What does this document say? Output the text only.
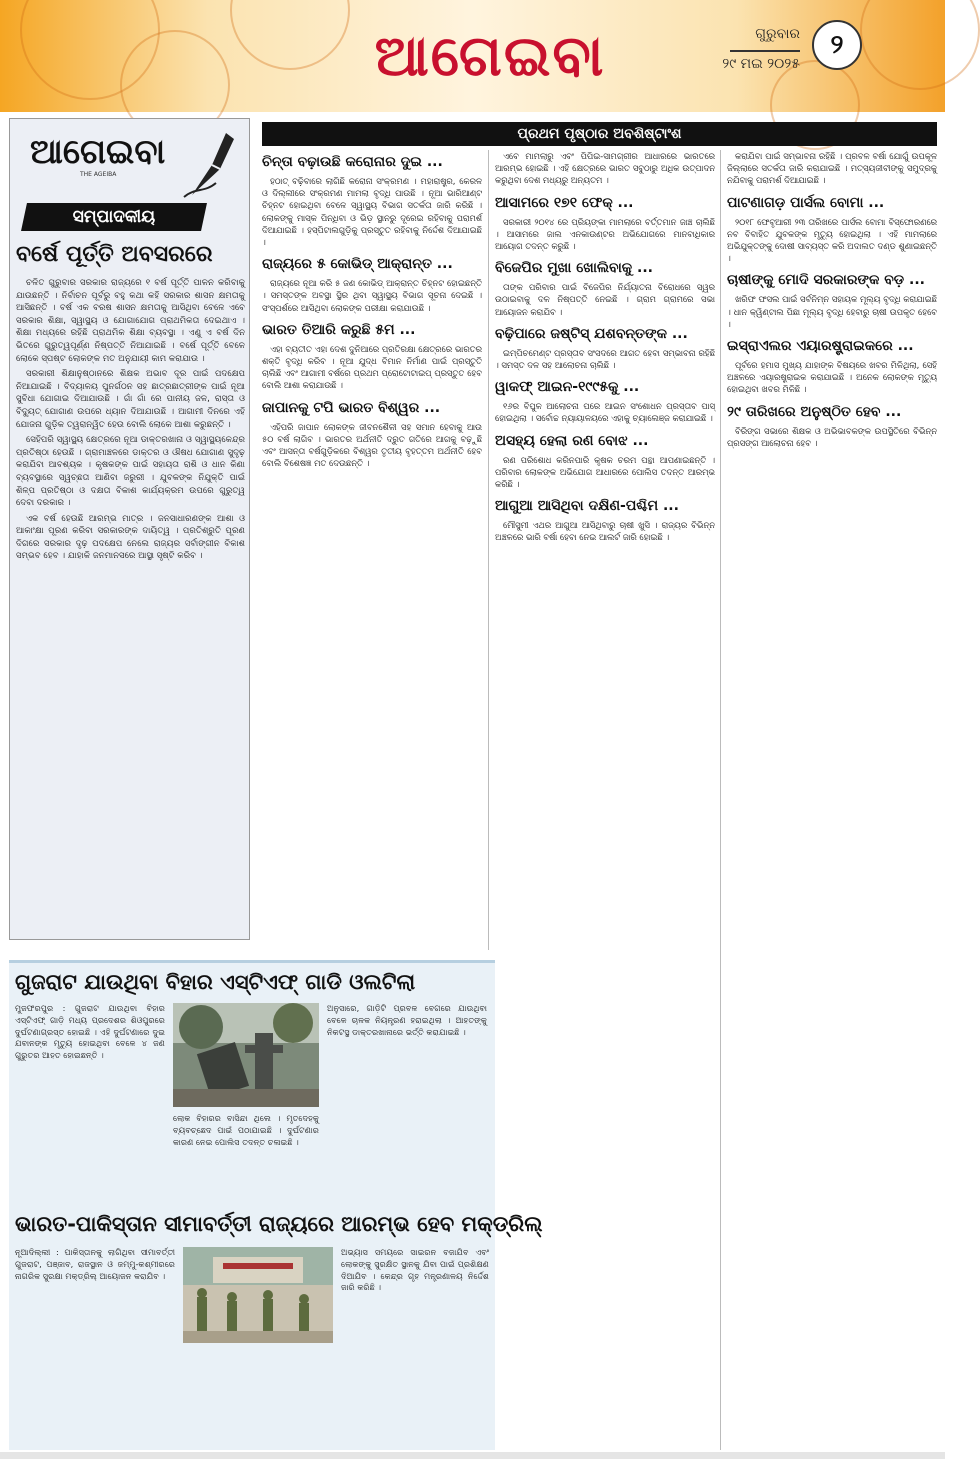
ଆଗେଇବା	ଗୁରୁବାର
୨୯ ମଇ ୨୦୨୫
୨
ଆଗେଇବା
THE AGEIBA
ସମ୍ପାଦକୀୟ
ବର୍ଷେ ପୂର୍ତ୍ତି ଅବସରରେ

ଚଳିତ ଗୁରୁବାର ସରକାର ରାଜ୍ୟରେ ୧ ବର୍ଷ ପୂର୍ତ୍ତି ପାଳନ କରିବାକୁ ଯାଉଛନ୍ତି । ନିର୍ବାଚନ ପୂର୍ବରୁ ବହୁ କଥା କହି ସରକାର ଶାସନ କ୍ଷମତାକୁ ଆସିଛନ୍ତି । ବର୍ଷ ଏକ ବରଷ ଶାସନ କ୍ଷମତାକୁ ଆସିଥିବା ବେଳେ ଏବେ ସରକାର ଶିକ୍ଷା, ସ୍ୱାସ୍ଥ୍ୟ ଓ ଯୋଗାଯୋଗ ପ୍ରାଥମିକତା ଦେଇଥାଏ । ଶିକ୍ଷା ମଧ୍ୟରେ ରହିଛି ପ୍ରାଥମିକ ଶିକ୍ଷା ବ୍ୟବସ୍ଥା । ଏଣୁ ଏ ବର୍ଷ ଦିନ ଭିତରେ ଗୁରୁତ୍ୱପୂର୍ଣ୍ଣ ନିଷ୍ପତ୍ତି ନିଆଯାଇଛି । ବର୍ଷେ ପୂର୍ତ୍ତି ବେଳେ ଲୋକେ ସ୍ପଷ୍ଟ ଲୋକଙ୍କ ମତ ଅନୁଯାୟୀ କାମ କରାଯାଉ ।

ସରକାରୀ ଶିକ୍ଷାନୁଷ୍ଠାନରେ ଶିକ୍ଷକ ଅଭାବ ଦୂର ପାଇଁ ପଦକ୍ଷେପ ନିଆଯାଇଛି । ବିଦ୍ୟାଳୟ ପୁନର୍ଗଠନ ସହ ଛାତ୍ରଛାତ୍ରୀଙ୍କ ପାଇଁ ନୂଆ ସୁବିଧା ଯୋଗାଇ ଦିଆଯାଉଛି । ଗାଁ ଗାଁ ରେ ପାନୀୟ ଜଳ, ରାସ୍ତା ଓ ବିଦ୍ୟୁତ୍ ଯୋଗାଣ ଉପରେ ଧ୍ୟାନ ଦିଆଯାଉଛି । ଆଗାମୀ ଦିନରେ ଏହି ଯୋଜନା ଗୁଡ଼ିକ ତ୍ୱରାନ୍ୱିତ ହେଉ ବୋଲି ଲୋକେ ଆଶା କରୁଛନ୍ତି ।

ସେହିପରି ସ୍ୱାସ୍ଥ୍ୟ କ୍ଷେତ୍ରରେ ନୂଆ ଡାକ୍ତରଖାନା ଓ ସ୍ୱାସ୍ଥ୍ୟକେନ୍ଦ୍ର ପ୍ରତିଷ୍ଠା ହେଉଛି । ଗ୍ରାମାଞ୍ଚଳରେ ଡାକ୍ତର ଓ ଔଷଧ ଯୋଗାଣ ସୁଦୃଢ଼ କରାଯିବା ଆବଶ୍ୟକ । କୃଷକଙ୍କ ପାଇଁ ସହାୟତା ରାଶି ଓ ଧାନ କିଣା ବ୍ୟବସ୍ଥାରେ ସ୍ୱଚ୍ଛତା ଆଣିବା ଜରୁରୀ । ଯୁବକଙ୍କ ନିଯୁକ୍ତି ପାଇଁ ଶିଳ୍ପ ପ୍ରତିଷ୍ଠା ଓ ଦକ୍ଷତା ବିକାଶ କାର୍ଯ୍ୟକ୍ରମ ଉପରେ ଗୁରୁତ୍ୱ ଦେବା ଦରକାର ।

ଏକ ବର୍ଷ ହେଉଛି ଆରମ୍ଭ ମାତ୍ର । ଜନସାଧାରଣଙ୍କ ଆଶା ଓ ଆକାଂକ୍ଷା ପୂରଣ କରିବା ସରକାରଙ୍କ ଦାୟିତ୍ୱ । ପ୍ରତିଶ୍ରୁତି ପୂରଣ ଦିଗରେ ସରକାର ଦୃଢ଼ ପଦକ୍ଷେପ ନେଲେ ରାଜ୍ୟର ସର୍ବାଙ୍ଗୀନ ବିକାଶ ସମ୍ଭବ ହେବ । ଯାହାକି ଜନମାନସରେ ଆସ୍ଥା ସୃଷ୍ଟି କରିବ ।

ପ୍ରଥମ ପୃଷ୍ଠାର ଅବଶିଷ୍ଟାଂଶ
ଚିନ୍ତା ବଢ଼ାଉଛି କରୋନାର ଦୁଇ ...

ହଠାତ୍ ବଢ଼ିବାରେ ଲାଗିଛି କରୋନା ସଂକ୍ରମଣ । ମହାରାଷ୍ଟ୍ର, କେରଳ ଓ ଦିଲ୍ଲୀରେ ସଂକ୍ରମଣ ମାମଲା ବୃଦ୍ଧି ପାଉଛି । ନୂଆ ଭାରିଆଣ୍ଟ ଚିହ୍ନଟ ହୋଇଥିବା ବେଳେ ସ୍ୱାସ୍ଥ୍ୟ ବିଭାଗ ସତର୍କତା ଜାରି କରିଛି । ଲୋକଙ୍କୁ ମାସ୍କ ପିନ୍ଧିବା ଓ ଭିଡ଼ ସ୍ଥାନରୁ ଦୂରେଇ ରହିବାକୁ ପରାମର୍ଶ ଦିଆଯାଇଛି । ହସ୍ପିଟାଲଗୁଡ଼ିକୁ ପ୍ରସ୍ତୁତ ରହିବାକୁ ନିର୍ଦ୍ଦେଶ ଦିଆଯାଇଛି ।

ରାଜ୍ୟରେ ୫ କୋଭିଡ୍ ଆକ୍ରାନ୍ତ ...

ରାଜ୍ୟରେ ନୂଆ କରି ୫ ଜଣ କୋଭିଡ୍ ଆକ୍ରାନ୍ତ ଚିହ୍ନଟ ହୋଇଛନ୍ତି । ସମସ୍ତଙ୍କ ଅବସ୍ଥା ସ୍ଥିର ଥିବା ସ୍ୱାସ୍ଥ୍ୟ ବିଭାଗ ସୂଚନା ଦେଇଛି । ସଂସ୍ପର୍ଶରେ ଆସିଥିବା ଲୋକଙ୍କ ପରୀକ୍ଷା କରାଯାଉଛି ।

ଭାରତ ତିଆରି କରୁଛି ୫ମ ...

ଏହା ବ୍ୟତୀତ ଏହା ଦେଶ ଦୁନିଆରେ ପ୍ରତିରକ୍ଷା କ୍ଷେତ୍ରରେ ଭାରତର ଶକ୍ତି ବୃଦ୍ଧି କରିବ । ନୂଆ ଯୁଦ୍ଧ ବିମାନ ନିର୍ମାଣ ପାଇଁ ପ୍ରସ୍ତୁତି ଚାଲିଛି ଏବଂ ଆଗାମୀ ବର୍ଷରେ ପ୍ରଥମ ପ୍ରୋଟୋଟାଇପ୍ ପ୍ରସ୍ତୁତ ହେବ ବୋଲି ଆଶା କରାଯାଉଛି ।

ଜାପାନକୁ ଟପି ଭାରତ ବିଶ୍ୱର ...

ଏହିପରି ଜାପାନ ଲୋକଙ୍କ ଜୀବନଶୈଳୀ ସହ ସମାନ ହେବାକୁ ଆଉ ୫୦ ବର୍ଷ ଲାଗିବ । ଭାରତର ଅର୍ଥନୀତି ଦ୍ରୁତ ଗତିରେ ଆଗକୁ ବଢ଼ୁଛି ଏବଂ ଆସନ୍ତା ବର୍ଷଗୁଡ଼ିକରେ ବିଶ୍ୱର ତୃତୀୟ ବୃହତ୍ତମ ଅର୍ଥନୀତି ହେବ ବୋଲି ବିଶେଷଜ୍ଞ ମତ ଦେଉଛନ୍ତି ।

ଏବେ ମାମଲାରୁ ଏବଂ ପିପିଇ-ସାମଗ୍ରୀର ଆଧାରରେ ଭାରତରେ ଆରମ୍ଭ ହୋଇଛି । ଏହି କ୍ଷେତ୍ରରେ ଭାରତ ସବୁଠାରୁ ଅଧିକ ଉତ୍ପାଦନ କରୁଥିବା ଦେଶ ମଧ୍ୟରୁ ଅନ୍ୟତମ ।

ଆସାମରେ ୧୭୧ ଫେକ୍ ...

ସରକାରୀ ୨୦୧୪ ରେ ପ୍ରିୟଙ୍କା ମାମଲାରେ ବର୍ତ୍ତମାନ ଜାଞ୍ଚ ଚାଲିଛି । ଆସାମରେ ଜାଲ ଏନକାଉଣ୍ଟର ଅଭିଯୋଗରେ ମାନବାଧିକାର ଆୟୋଗ ତଦନ୍ତ କରୁଛି ।

ବିଜେପିର ମୁଖା ଖୋଲିବାକୁ ...

ତାଙ୍କ ପରିବାର ପାଇଁ ବିଜେପିର ନିର୍ଯ୍ୟାତନା ବିରୋଧରେ ସ୍ୱର ଉଠାଇବାକୁ ଦଳ ନିଷ୍ପତ୍ତି ନେଇଛି । ଗ୍ରାମ ଗ୍ରାମରେ ସଭା ଆୟୋଜନ କରାଯିବ ।

ବଢ଼ିପାରେ ଜଷ୍ଟିସ୍ ଯଶବନ୍ତଙ୍କ ...

ଇମ୍ପିଚମେଣ୍ଟ ପ୍ରସ୍ତାବ ସଂସଦରେ ଆଗତ ହେବା ସମ୍ଭାବନା ରହିଛି । ସମସ୍ତ ଦଳ ସହ ଆଲୋଚନା ଚାଲିଛି ।

ୱାକଫ୍ ଆଇନ-୧୯୯୫କୁ ...

୧୬ର ବିପୁଳ ଆଲୋଚନା ପରେ ଆଇନ ସଂଶୋଧନ ପ୍ରସ୍ତାବ ପାସ୍ ହୋଇଥିଲା । ସର୍ବୋଚ୍ଚ ନ୍ୟାୟାଳୟରେ ଏହାକୁ ଚ୍ୟାଲେଞ୍ଜ କରାଯାଇଛି ।

ଅସହ୍ୟ ହେଲା ରଣ ବୋଝ ...

ରଣ ପରିଶୋଧ କରିନପାରି କୃଷକ ଚରମ ପନ୍ଥା ଆପଣାଇଛନ୍ତି । ପରିବାର ଲୋକଙ୍କ ଅଭିଯୋଗ ଆଧାରରେ ପୋଲିସ ତଦନ୍ତ ଆରମ୍ଭ କରିଛି ।

ଆଗୁଆ ଆସିଥିବା ଦକ୍ଷିଣ-ପଶ୍ଚିମ ...

ମୌସୁମୀ ଏଥର ଆଗୁଆ ଆସିଥିବାରୁ ଚାଷୀ ଖୁସି । ରାଜ୍ୟର ବିଭିନ୍ନ ଅଞ୍ଚଳରେ ଭାରି ବର୍ଷା ହେବା ନେଇ ଆଲର୍ଟ ଜାରି ହୋଇଛି ।

କରାଯିବା ପାଇଁ ସମ୍ଭାବନା ରହିଛି । ପ୍ରବଳ ବର୍ଷା ଯୋଗୁଁ ଉପକୂଳ ଜିଲ୍ଲାରେ ସତର୍କତା ଜାରି କରାଯାଇଛି । ମତ୍ସ୍ୟଜୀବୀଙ୍କୁ ସମୁଦ୍ରକୁ ନଯିବାକୁ ପରାମର୍ଶ ଦିଆଯାଇଛି ।

ପାଟଣାଗଡ଼ ପାର୍ସଲ ବୋମା ...

୨୦୧୮ ଫେବୃଆରୀ ୨୩ ତାରିଖରେ ପାର୍ସଲ ବୋମା ବିସ୍ଫୋରଣରେ ନବ ବିବାହିତ ଯୁବକଙ୍କ ମୃତ୍ୟୁ ହୋଇଥିଲା । ଏହି ମାମଲାରେ ଅଭିଯୁକ୍ତଙ୍କୁ ଦୋଷୀ ସାବ୍ୟସ୍ତ କରି ଅଦାଲତ ଦଣ୍ଡ ଶୁଣାଇଛନ୍ତି ।

ଚାଷୀଙ୍କୁ ମୋଦି ସରକାରଙ୍କ ବଡ଼ ...

ଖରିଫ ଫସଲ ପାଇଁ ସର୍ବନିମ୍ନ ସହାୟକ ମୂଲ୍ୟ ବୃଦ୍ଧି କରାଯାଇଛି । ଧାନ କ୍ୱିଣ୍ଟାଲ ପିଛା ମୂଲ୍ୟ ବୃଦ୍ଧି ହେବାରୁ ଚାଷୀ ଉପକୃତ ହେବେ ।

ଇସ୍ରାଏଲର ଏୟାରଷ୍ଟ୍ରାଇକରେ ...

ପୂର୍ବରେ ହମାସ ମୁଖ୍ୟ ଯାହାଙ୍କ ବିଷୟରେ ଖବର ମିଳିଥିଲା, ସେହି ଅଞ୍ଚଳରେ ଏୟାରଷ୍ଟ୍ରାଇକ କରାଯାଇଛି । ଅନେକ ଲୋକଙ୍କ ମୃତ୍ୟୁ ହୋଇଥିବା ଖବର ମିଳିଛି ।

୨୯ ତାରିଖରେ ଅନୁଷ୍ଠିତ ହେବ ...

ବିରିଙ୍ଗ ସଭାରେ ଶିକ୍ଷକ ଓ ଅଭିଭାବକଙ୍କ ଉପସ୍ଥିତିରେ ବିଭିନ୍ନ ପ୍ରସଙ୍ଗ ଆଲୋଚନା ହେବ ।

ଗୁଜରାଟ ଯାଉଥିବା ବିହାର ଏସ୍‌ଟିଏଫ୍ ଗାଡି ଓଲଟିଲା
ମୁଜଫରପୁର : ଗୁଜରାଟ ଯାଉଥିବା ବିହାର ଏସ୍‌ଟିଏଫ୍ ଗାଡ଼ି ମଧ୍ୟ ପ୍ରଦେଶର ଶିଓପୁରରେ ଦୁର୍ଘଟଣାଗ୍ରସ୍ତ ହୋଇଛି । ଏହି ଦୁର୍ଘଟଣାରେ ଦୁଇ ଯବାନଙ୍କ ମୃତ୍ୟୁ ହୋଇଥିବା ବେଳେ ୪ ଜଣ ଗୁରୁତର ଆହତ ହୋଇଛନ୍ତି ।
ଅନୁସାରେ, ଗାଡ଼ିଟି ପ୍ରବଳ ବେଗରେ ଯାଉଥିବା ବେଳେ ଚାଳକ ନିୟନ୍ତ୍ରଣ ହରାଇଥିଲା । ଆହତଙ୍କୁ ନିକଟସ୍ଥ ଡାକ୍ତରଖାନାରେ ଭର୍ତ୍ତି କରାଯାଇଛି ।
ଲୋକ ବିହାରର ବାସିନ୍ଦା ଥିଲେ । ମୃତଦେହକୁ ବ୍ୟବଚ୍ଛେଦ ପାଇଁ ପଠାଯାଇଛି । ଦୁର୍ଘଟଣାର କାରଣ ନେଇ ପୋଲିସ ତଦନ୍ତ ଚଳାଇଛି ।
ଭାରତ-ପାକିସ୍ତାନ ସୀମାବର୍ତ୍ତୀ ରାଜ୍ୟରେ ଆରମ୍ଭ ହେବ ମକ୍‌ଡ୍ରିଲ୍
ନୂଆଦିଲ୍ଲୀ : ପାକିସ୍ତାନକୁ ଲାଗିଥିବା ସୀମାବର୍ତ୍ତୀ ଗୁଜରାଟ, ପଞ୍ଜାବ, ରାଜସ୍ଥାନ ଓ ଜମ୍ମୁ-କଶ୍ମୀରରେ ନାଗରିକ ସୁରକ୍ଷା ମକ୍‌ଡ୍ରିଲ୍ ଆୟୋଜନ କରାଯିବ ।
ଅଭ୍ୟାସ ସମୟରେ ସାଇରନ ବଜାଯିବ ଏବଂ ଲୋକଙ୍କୁ ସୁରକ୍ଷିତ ସ୍ଥାନକୁ ଯିବା ପାଇଁ ପ୍ରଶିକ୍ଷଣ ଦିଆଯିବ । କେନ୍ଦ୍ର ଗୃହ ମନ୍ତ୍ରଣାଳୟ ନିର୍ଦ୍ଦେଶ ଜାରି କରିଛି ।
